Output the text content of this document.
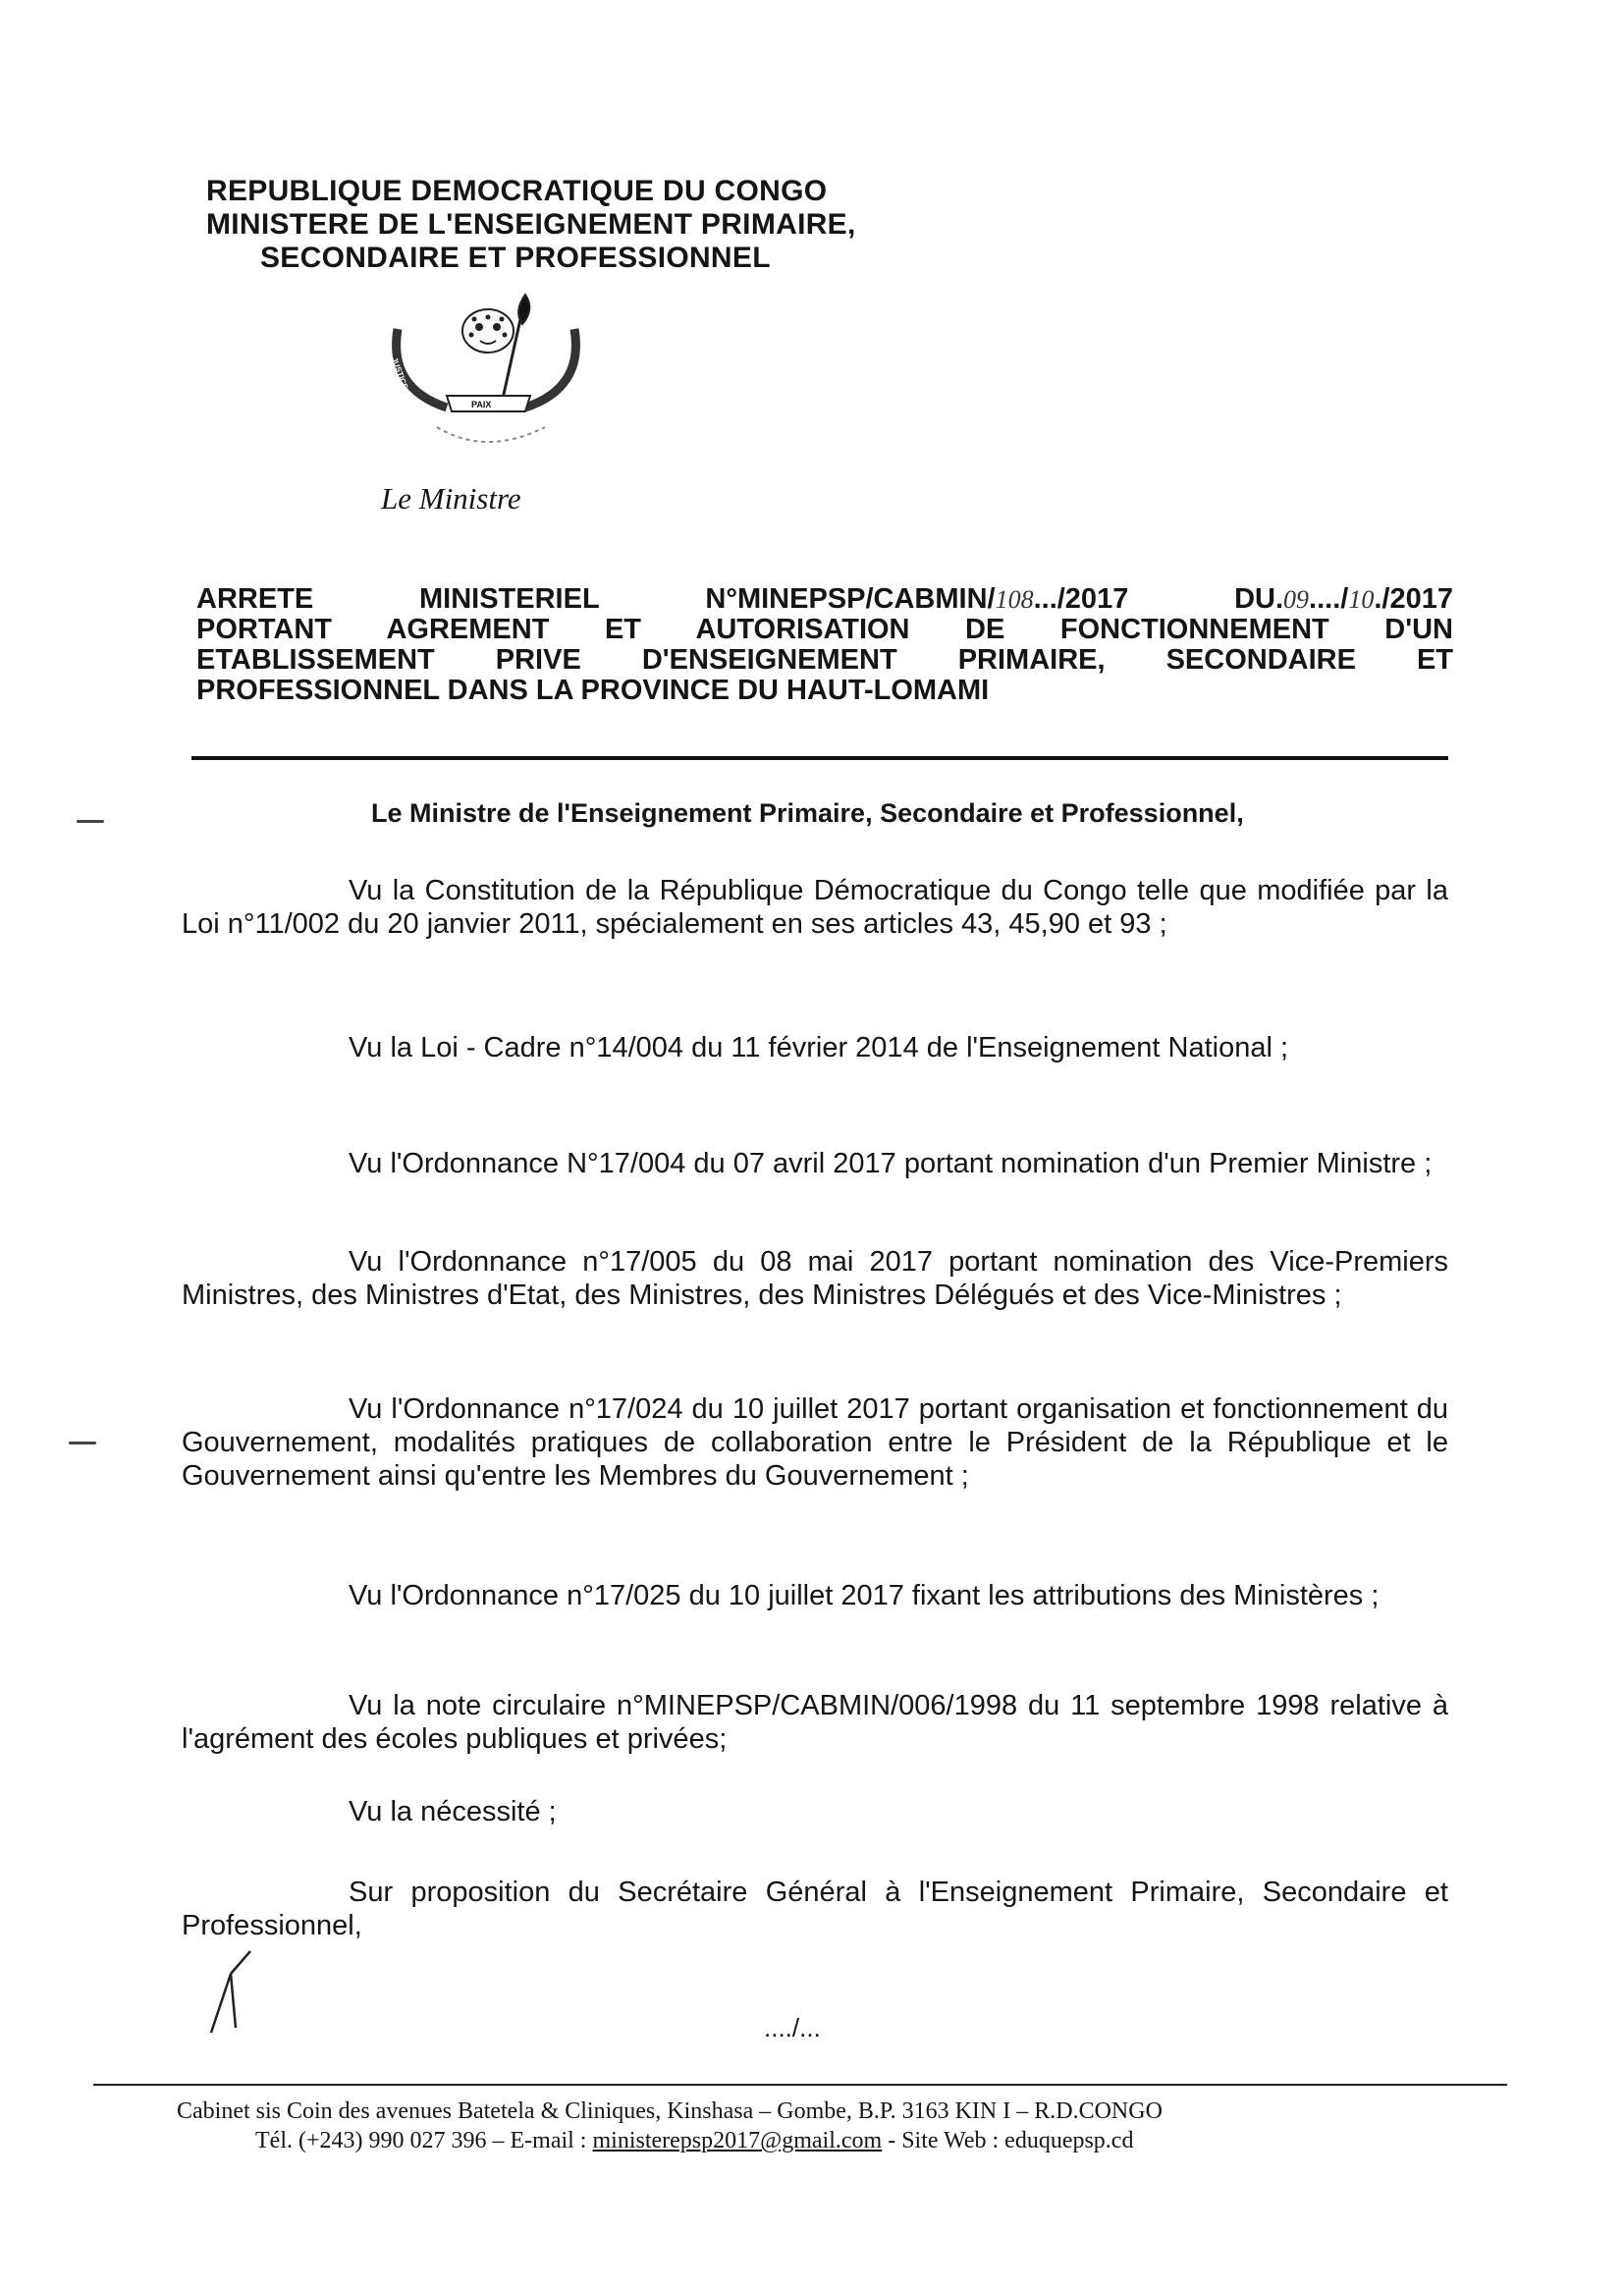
REPUBLIQUE DEMOCRATIQUE DU CONGO
MINISTERE DE L'ENSEIGNEMENT PRIMAIRE,
SECONDAIRE ET PROFESSIONNEL
PAIX
JUSTICE
TRAVAIL
Le Ministre
ARRETE	MINISTERIEL	N°MINEPSP/CABMIN/108.../2017	DU.09..../10./2017
PORTANT AGREMENT ET AUTORISATION DE FONCTIONNEMENT D'UN
ETABLISSEMENT PRIVE D'ENSEIGNEMENT PRIMAIRE, SECONDAIRE ET
PROFESSIONNEL DANS LA PROVINCE DU HAUT-LOMAMI
Le Ministre de l'Enseignement Primaire, Secondaire et Professionnel,
Vu la Constitution de la République Démocratique du Congo telle que modifiée par la Loi n°11/002 du 20 janvier 2011, spécialement en ses articles 43, 45,90 et 93 ;
Vu la Loi - Cadre n°14/004 du 11 février 2014 de l'Enseignement National ;
Vu l'Ordonnance N°17/004 du 07 avril 2017 portant nomination d'un Premier Ministre ;
Vu l'Ordonnance n°17/005 du 08 mai 2017 portant nomination des Vice-Premiers Ministres, des Ministres d'Etat, des Ministres, des Ministres Délégués et des Vice-Ministres ;
Vu l'Ordonnance n°17/024 du 10 juillet 2017 portant organisation et fonctionnement du Gouvernement, modalités pratiques de collaboration entre le Président de la République et le Gouvernement ainsi qu'entre les Membres du Gouvernement ;
Vu l'Ordonnance n°17/025 du 10 juillet 2017 fixant les attributions des Ministères ;
Vu la note circulaire n°MINEPSP/CABMIN/006/1998 du 11 septembre 1998 relative à l'agrément des écoles publiques et privées;
Vu la nécessité ;
Sur proposition du Secrétaire Général à l'Enseignement Primaire, Secondaire et Professionnel,
..../...
Cabinet sis Coin des avenues Batetela & Cliniques, Kinshasa – Gombe, B.P. 3163 KIN I – R.D.CONGO
Tél. (+243) 990 027 396 – E-mail : ministerepsp2017@gmail.com - Site Web : eduquepsp.cd
